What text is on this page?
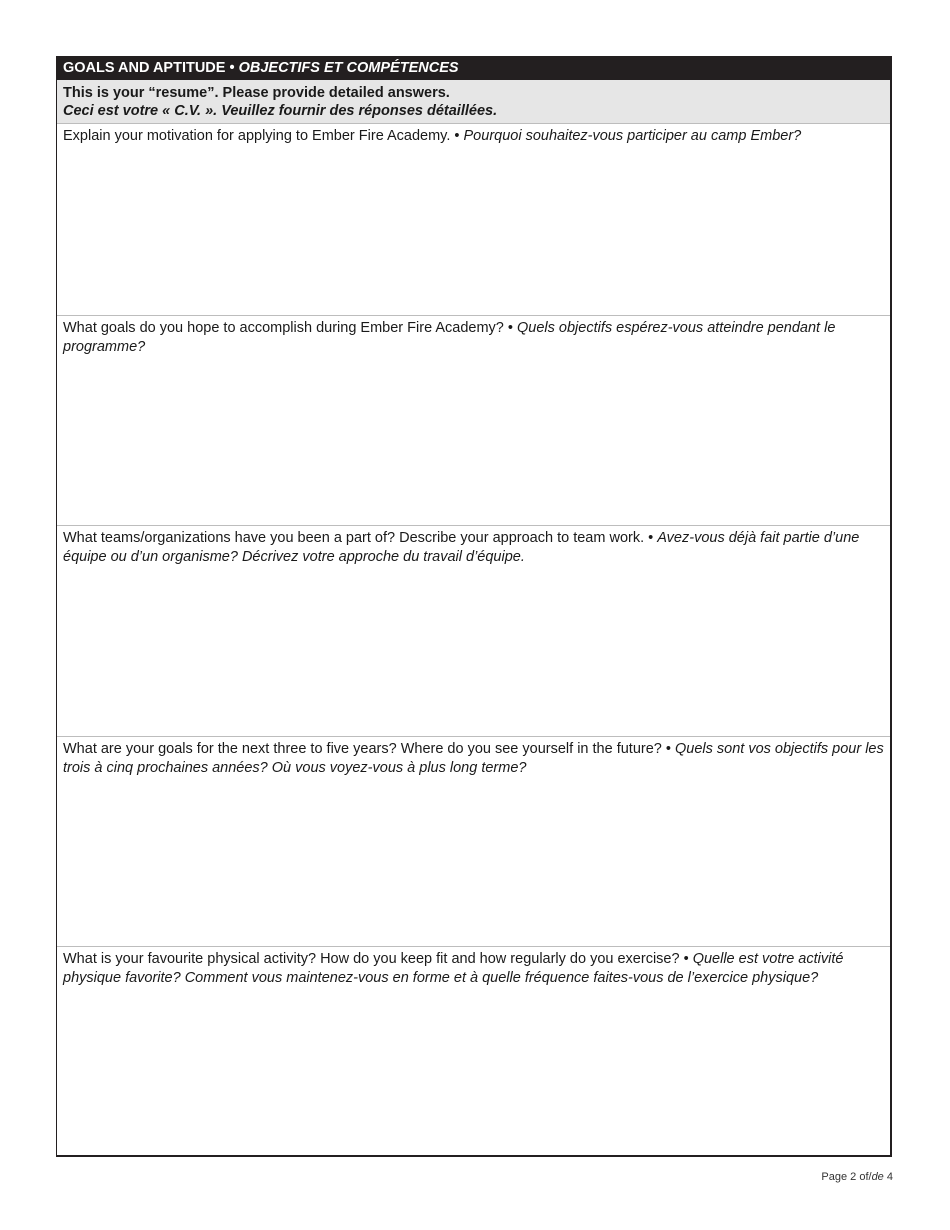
GOALS AND APTITUDE • OBJECTIFS ET COMPÉTENCES
This is your “resume”. Please provide detailed answers.
Ceci est votre « C.V. ». Veuillez fournir des réponses détaillées.
Explain your motivation for applying to Ember Fire Academy. • Pourquoi souhaitez-vous participer au camp Ember?
What goals do you hope to accomplish during Ember Fire Academy? • Quels objectifs espérez-vous atteindre pendant le programme?
What teams/organizations have you been a part of? Describe your approach to team work. • Avez-vous déjà fait partie d’une équipe ou d’un organisme? Décrivez votre approche du travail d’équipe.
What are your goals for the next three to five years? Where do you see yourself in the future? • Quels sont vos objectifs pour les trois à cinq prochaines années? Où vous voyez-vous à plus long terme?
What is your favourite physical activity? How do you keep fit and how regularly do you exercise? • Quelle est votre activité physique favorite? Comment vous maintenez-vous en forme et à quelle fréquence faites-vous de l’exercice physique?
Page 2 of/de 4
